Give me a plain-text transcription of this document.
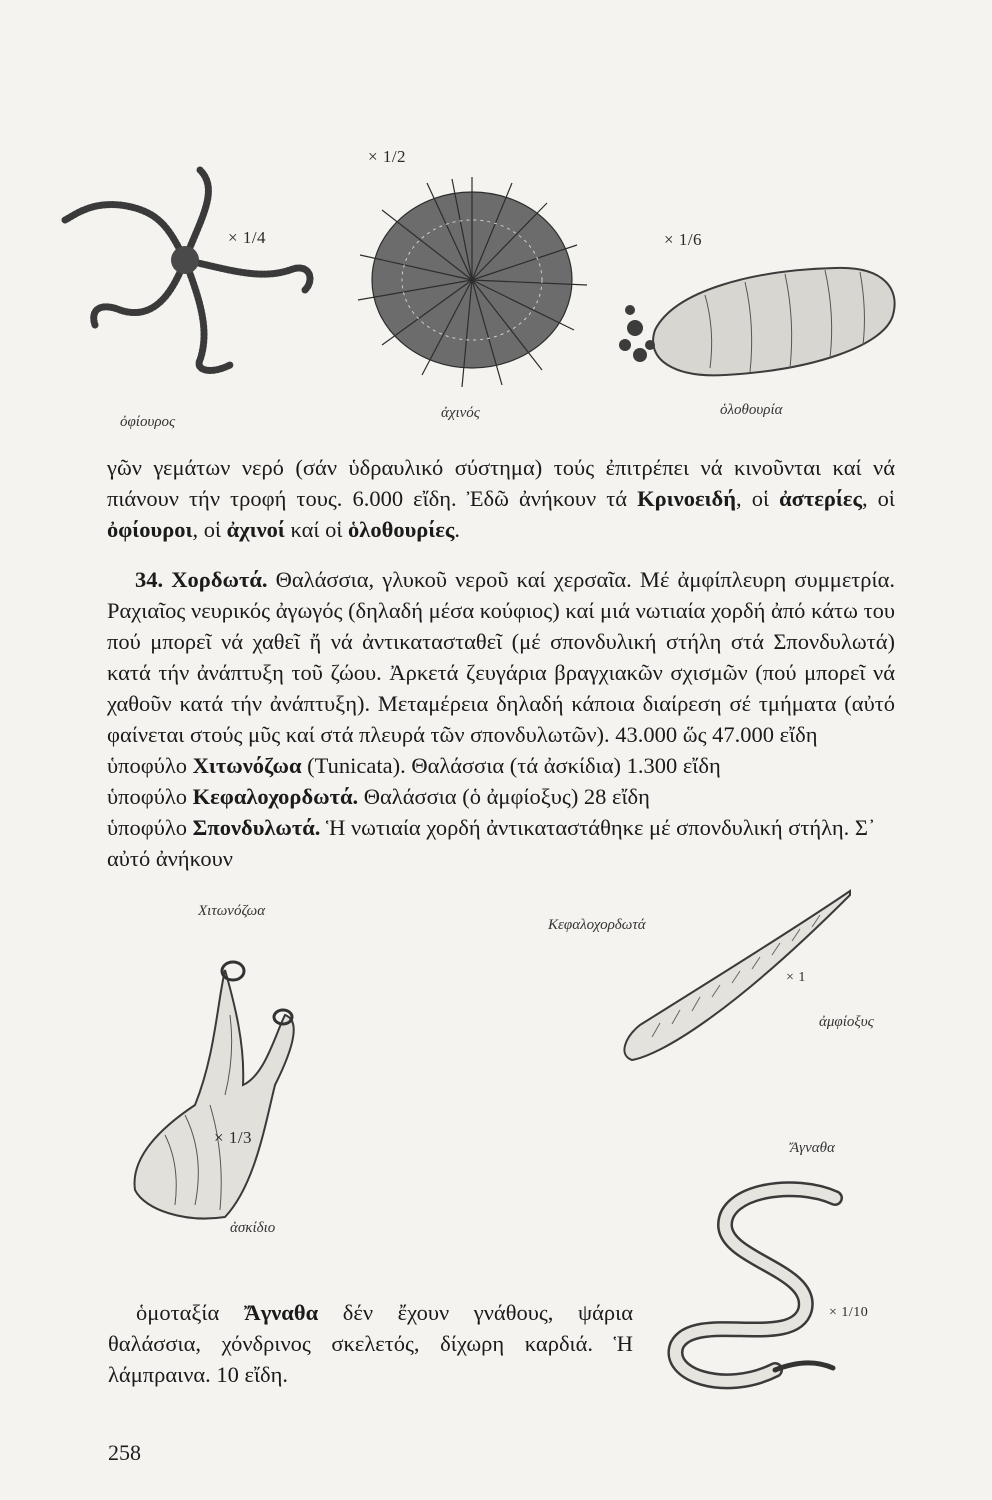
× 1/2
× 1/4	× 1/6
ὀφίουρος
ἀχινός	ὁλοθουρία

γῶν γεμάτων νερό (σάν ὑδραυλικό σύστημα) τούς ἐπιτρέπει νά κινοῦνται καί νά πιάνουν τήν τροφή τους. 6.000 εἴδη. Ἐδῶ ἀνήκουν τά Κρινοειδή, οἱ ἀστερίες, οἱ ὀφίουροι, οἱ ἀχινοί καί οἱ ὁλοθουρίες.

34. Χορδωτά. Θαλάσσια, γλυκοῦ νεροῦ καί χερσαῖα. Μέ ἀμφίπλευρη συμμετρία. Ραχιαῖος νευρικός ἀγωγός (δηλαδή μέσα κούφιος) καί μιά νωτιαία χορδή ἀπό κάτω του πού μπορεῖ νά χαθεῖ ἤ νά ἀντικατασταθεῖ (μέ σπονδυλική στήλη στά Σπονδυλωτά) κατά τήν ἀνάπτυξη τοῦ ζώου. Ἀρκετά ζευγάρια βραγχιακῶν σχισμῶν (πού μπορεῖ νά χαθοῦν κατά τήν ἀνάπτυξη). Μεταμέρεια δηλαδή κάποια διαίρεση σέ τμήματα (αὐτό φαίνεται στούς μῦς καί στά πλευρά τῶν σπονδυλωτῶν). 43.000 ὥς 47.000 εἴδη

ὑποφύλο Χιτωνόζωα (Tunicata). Θαλάσσια (τά ἀσκίδια) 1.300 εἴδη

ὑποφύλο Κεφαλοχορδωτά. Θαλάσσια (ὁ ἀμφίοξυς) 28 εἴδη

ὑποφύλο Σπονδυλωτά. Ἡ νωτιαία χορδή ἀντικαταστάθηκε μέ σπονδυλική στήλη. Σ᾽ αὐτό ἀνήκουν

Χιτωνόζωα
Κεφαλοχορδωτά
× 1
ἀμφίοξυς
× 1/3
ἀσκίδιο
Ἄγναθα
× 1/10

ὁμοταξία Ἄγναθα δέν ἔχουν γνάθους, ψάρια θαλάσσια, χόνδρινος σκελετός, δίχωρη καρδιά. Ἡ λάμπραινα. 10 εἴδη.

258
